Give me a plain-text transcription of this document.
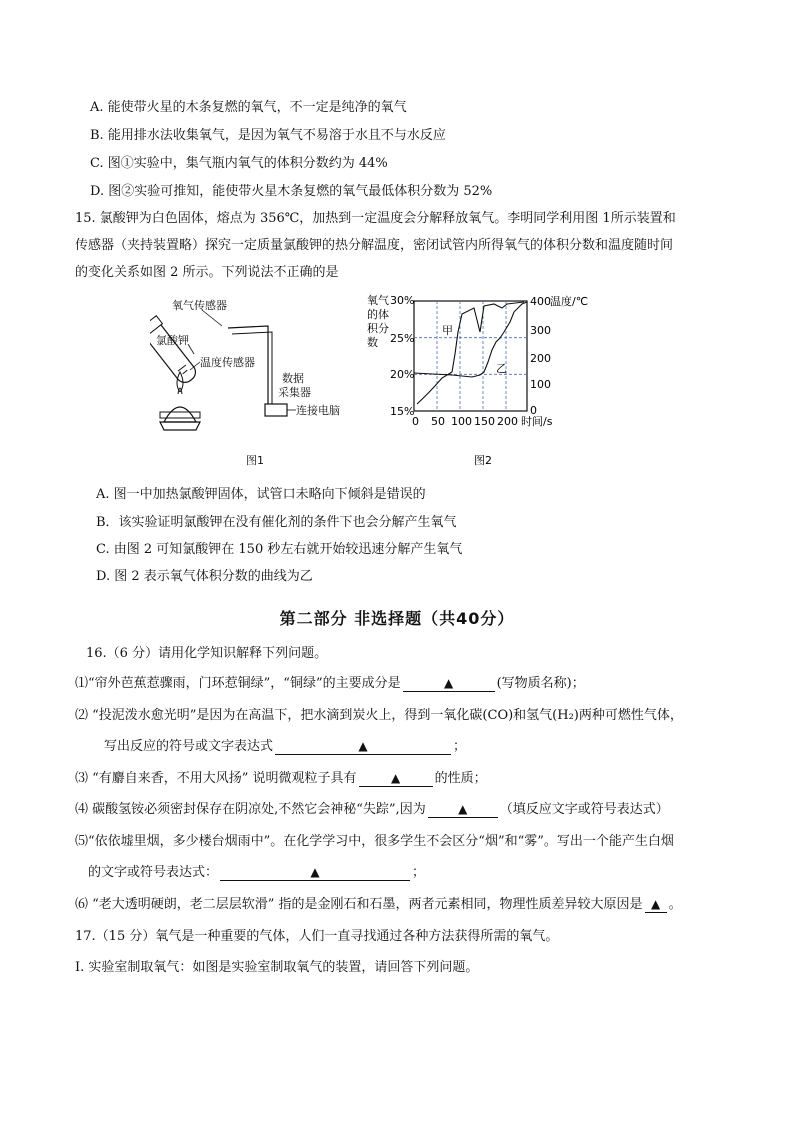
A. 能使带火星的木条复燃的氧气，不一定是纯净的氧气
B. 能用排水法收集氧气，是因为氧气不易溶于水且不与水反应
C. 图①实验中，集气瓶内氧气的体积分数约为 44%
D. 图②实验可推知，能使带火星木条复燃的氧气最低体积分数为 52%
15. 氯酸钾为白色固体，熔点为 356℃，加热到一定温度会分解释放氧气。李明同学利用图 1所示装置和
传感器（夹持装置略）探究一定质量氯酸钾的热分解温度，密闭试管内所得氧气的体积分数和温度随时间
的变化关系如图 2 所示。下列说法不正确的是
氧气传感器
氯酸钾
温度传感器
数据
采集器
连接电脑
图1
氧气
的体
积分
数
30%
25%
20%
15%
400
300
200
100
0
温度/℃
0 50 100 150 200 时间/s
甲
乙
图2
A. 图一中加热氯酸钾固体，试管口未略向下倾斜是错误的
B．该实验证明氯酸钾在没有催化剂的条件下也会分解产生氧气
C. 由图 2 可知氯酸钾在 150 秒左右就开始较迅速分解产生氧气
D. 图 2 表示氧气体积分数的曲线为乙
第二部分 非选择题（共40分）
16.（6 分）请用化学知识解释下列问题。
⑴“帘外芭蕉惹骤雨，门环惹铜绿”，“铜绿”的主要成分是	▲	(写物质名称)；
⑵ “投泥泼水愈光明”是因为在高温下，把水滴到炭火上，得到一氧化碳(CO)和氢气(H₂)两种可燃性气体，
写出反应的符号或文字表达式	▲	；
⑶ “有麝自来香，不用大风扬” 说明微观粒子具有	▲	的性质；
⑷ 碳酸氢铵必须密封保存在阴凉处,不然它会神秘“失踪”,因为	▲ （填反应文字或符号表达式）
⑸“依依墟里烟，多少楼台烟雨中”。在化学学习中，很多学生不会区分“烟”和“雾”。写出一个能产生白烟
的文字或符号表达式：	▲	；
⑹ “老大透明硬朗，老二层层软滑” 指的是金刚石和石墨，两者元素相同，物理性质差异较大原因是 ▲ 。
17.（15 分）氧气是一种重要的气体，人们一直寻找通过各种方法获得所需的氧气。
I. 实验室制取氧气：如图是实验室制取氧气的装置，请回答下列问题。
